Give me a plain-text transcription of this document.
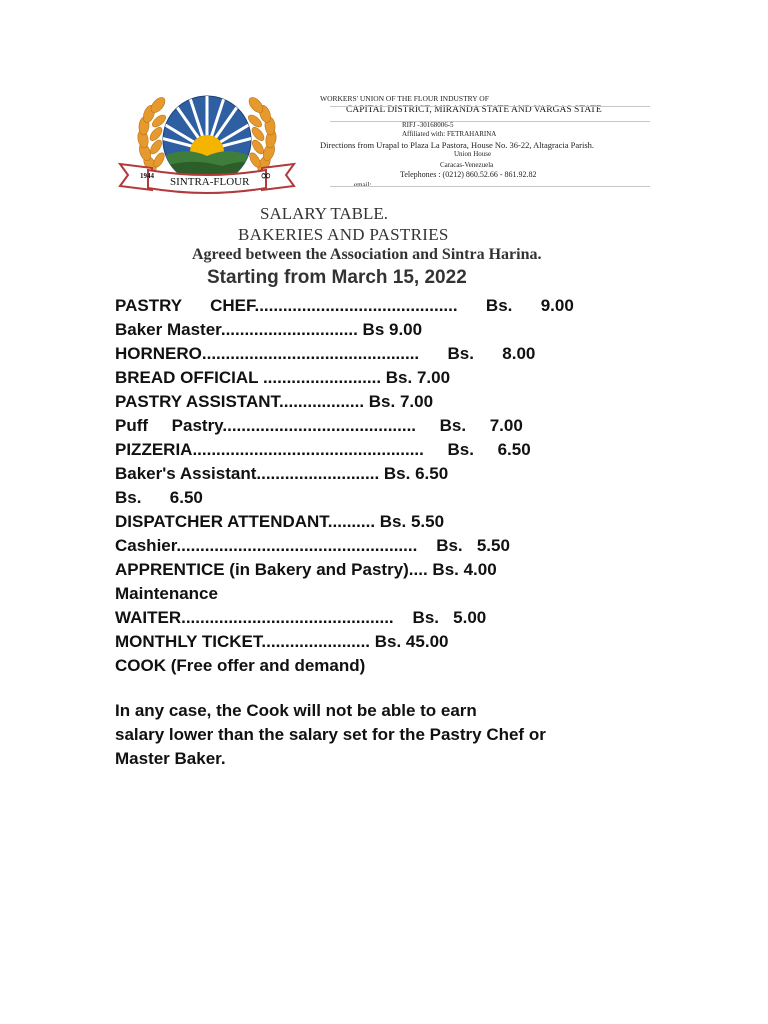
1944 SINTRA-FLOUR ∞
WORKERS' UNION OF THE FLOUR INDUSTRY OF
CAPITAL DISTRICT, MIRANDA STATE AND VARGAS STATE
RIFJ -30168006-5
Affiliated with: FETRAHARINA
Directions from Urapal to Plaza La Pastora, House No. 36-22, Altagracia Parish.
Union House
Caracas-Venezuela
Telephones : (0212) 860.52.66 - 861.92.82
email:
SALARY TABLE.
BAKERIES AND PASTRIES
Agreed between the Association and Sintra Harina.
Starting from March 15, 2022
PASTRY      CHEF...........................................      Bs.      9.00
Baker Master............................. Bs 9.00
HORNERO..............................................      Bs.      8.00
BREAD OFFICIAL ......................... Bs. 7.00
PASTRY ASSISTANT.................. Bs. 7.00
Puff     Pastry.........................................     Bs.     7.00
PIZZERIA.................................................     Bs.     6.50
Baker's Assistant.......................... Bs. 6.50
Bs.      6.50
DISPATCHER ATTENDANT.......... Bs. 5.50
Cashier...................................................    Bs.   5.50
APPRENTICE (in Bakery and Pastry).... Bs. 4.00
Maintenance
WAITER.............................................    Bs.   5.00
MONTHLY TICKET....................... Bs. 45.00
COOK (Free offer and demand)
In any case, the Cook will not be able to earn
salary lower than the salary set for the Pastry Chef or
Master Baker.
